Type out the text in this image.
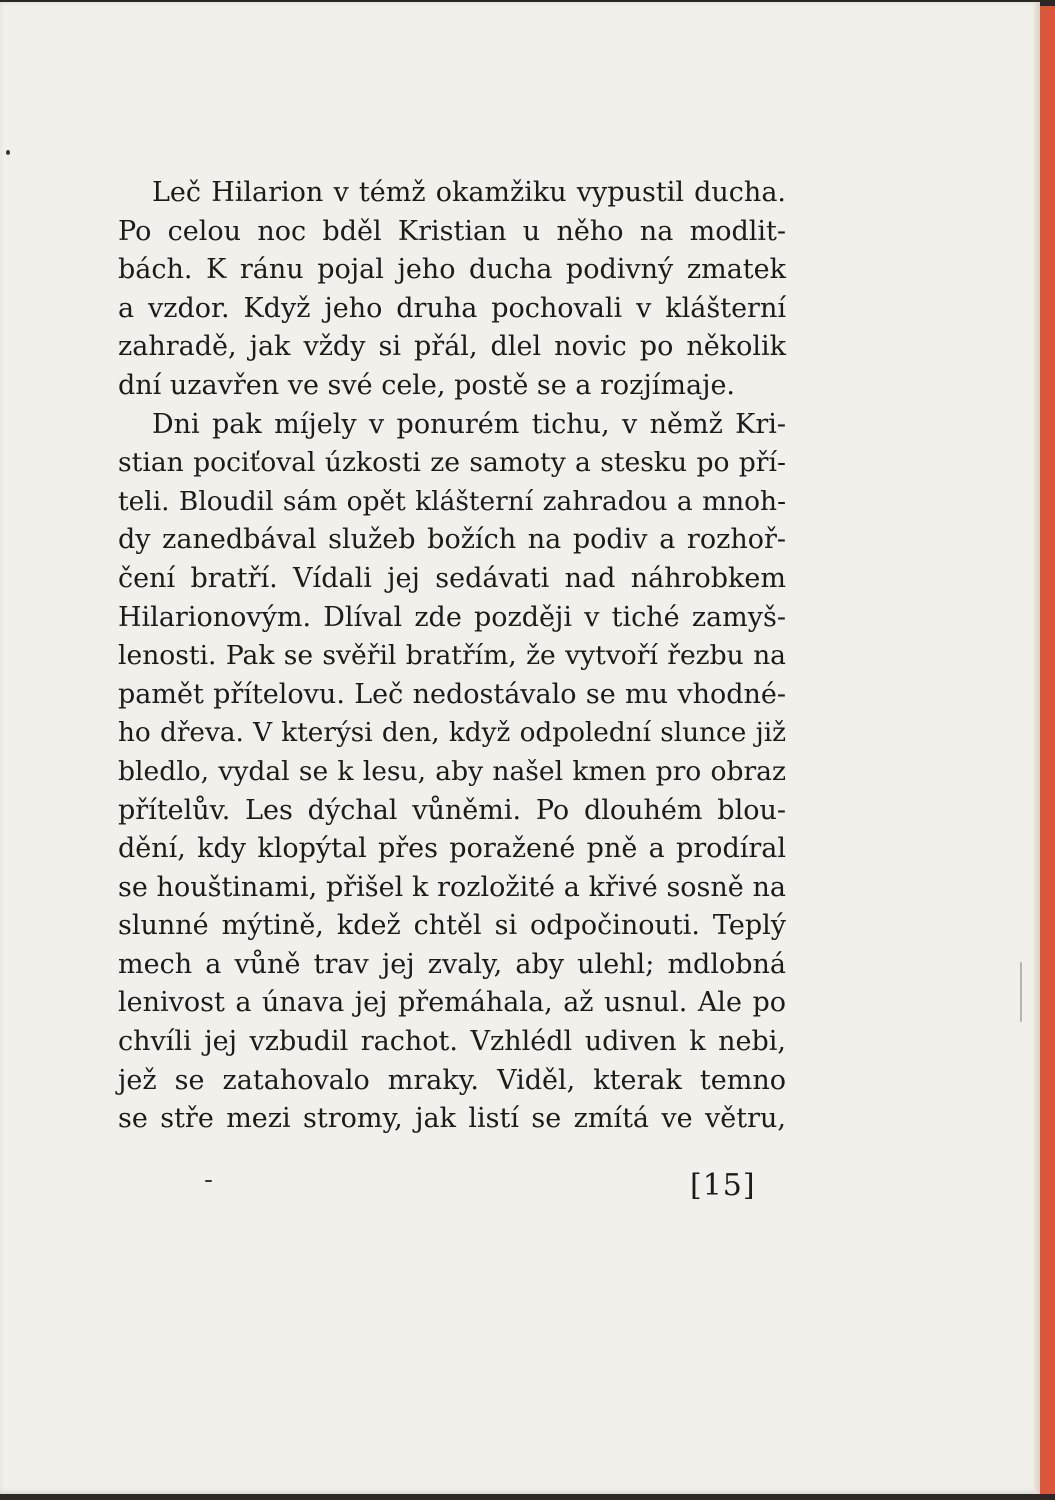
Leč Hilarion v témž okamžiku vypustil ducha.
Po celou noc bděl Kristian u něho na modlit-
bách. K ránu pojal jeho ducha podivný zmatek
a vzdor. Když jeho druha pochovali v klášterní
zahradě, jak vždy si přál, dlel novic po několik
dní uzavřen ve své cele, postě se a rozjímaje.
Dni pak míjely v ponurém tichu, v němž Kri-
stian pociťoval úzkosti ze samoty a stesku po pří-
teli. Bloudil sám opět klášterní zahradou a mnoh-
dy zanedbával služeb božích na podiv a rozhoř-
čení bratří. Vídali jej sedávati nad náhrobkem
Hilarionovým. Dlíval zde později v tiché zamyš-
lenosti. Pak se svěřil bratřím, že vytvoří řezbu na
pamět přítelovu. Leč nedostávalo se mu vhodné-
ho dřeva. V kterýsi den, když odpolední slunce již
bledlo, vydal se k lesu, aby našel kmen pro obraz
přítelův. Les dýchal vůněmi. Po dlouhém blou-
dění, kdy klopýtal přes poražené pně a prodíral
se houštinami, přišel k rozložité a křivé sosně na
slunné mýtině, kdež chtěl si odpočinouti. Teplý
mech a vůně trav jej zvaly, aby ulehl; mdlobná
lenivost a únava jej přemáhala, až usnul. Ale po
chvíli jej vzbudil rachot. Vzhlédl udiven k nebi,
jež se zatahovalo mraky. Viděl, kterak temno
se stře mezi stromy, jak listí se zmítá ve větru,
[15]
